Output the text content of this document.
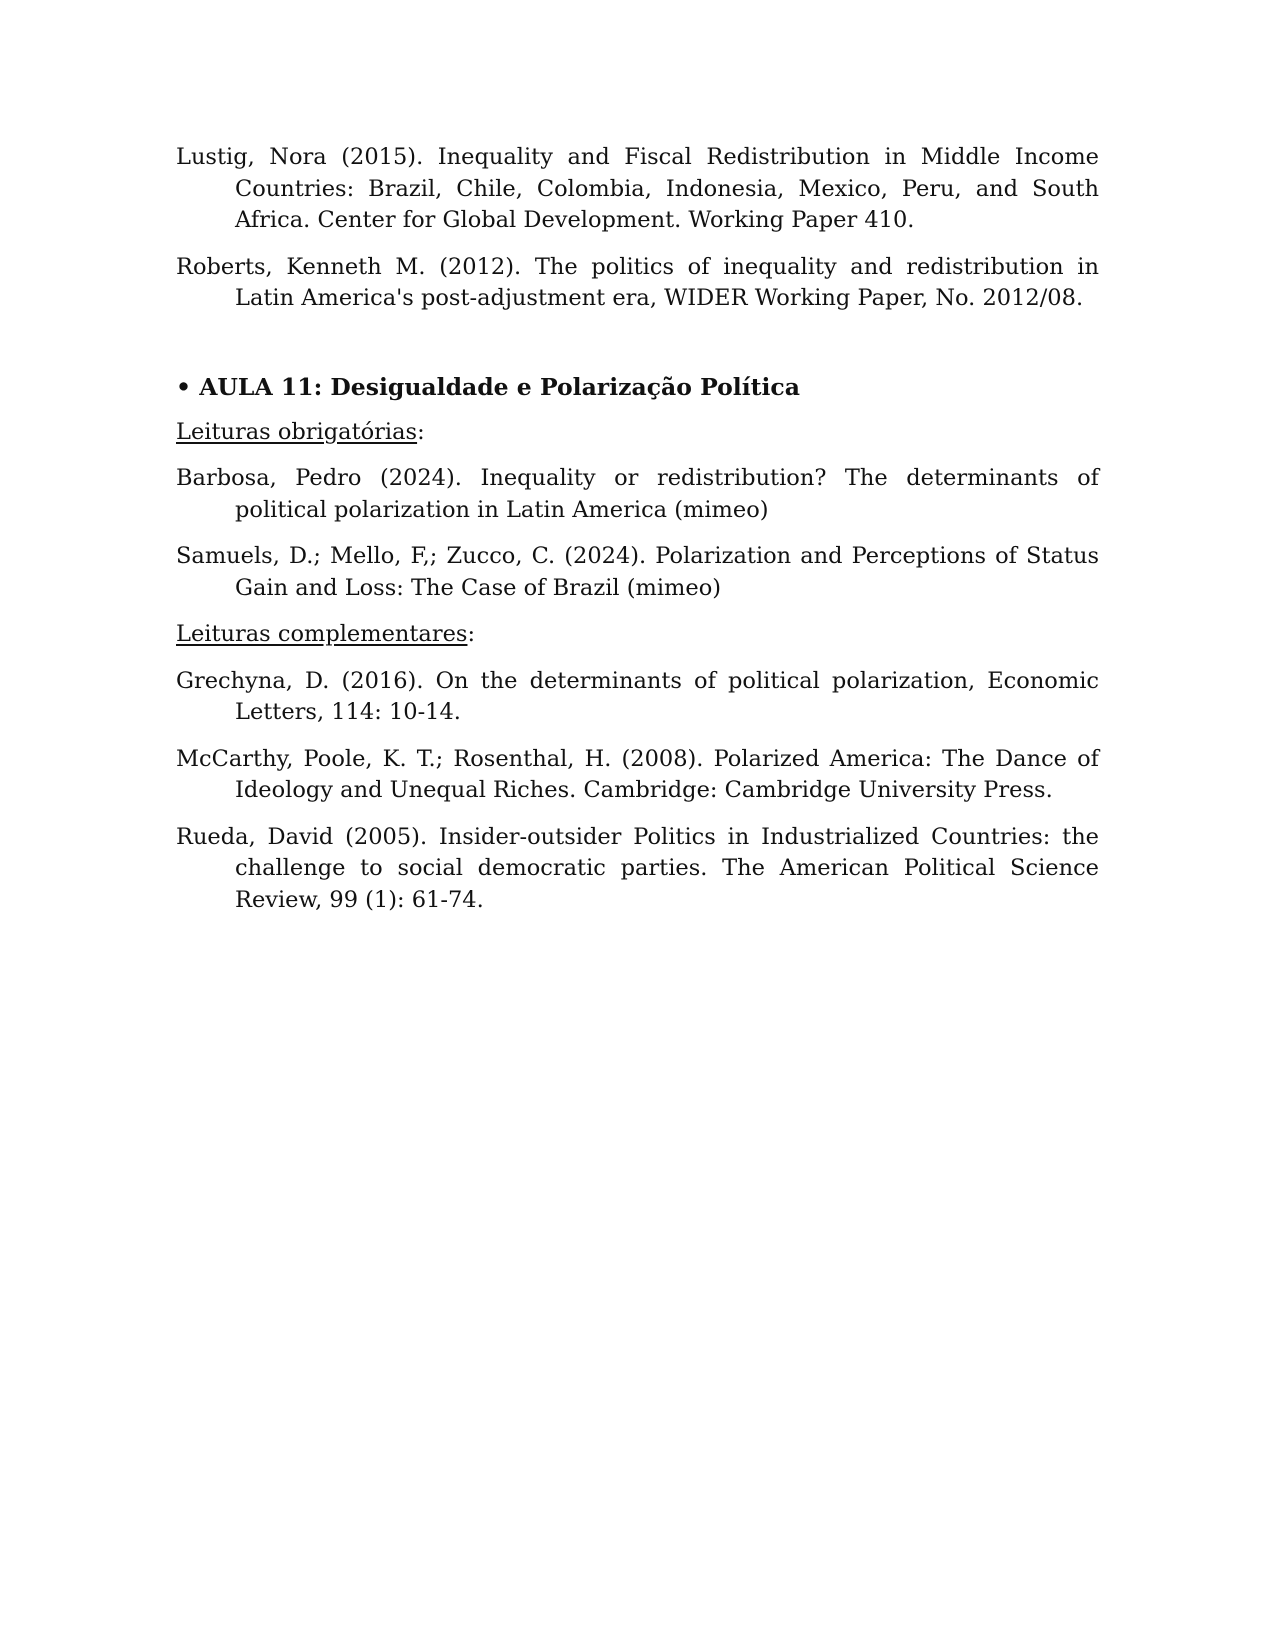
Lustig, Nora (2015). Inequality and Fiscal Redistribution in Middle Income Countries: Brazil, Chile, Colombia, Indonesia, Mexico, Peru, and South Africa. Center for Global Development. Working Paper 410.

Roberts, Kenneth M. (2012). The politics of inequality and redistribution in Latin America's post-adjustment era, WIDER Working Paper, No. 2012/08.

• AULA 11: Desigualdade e Polarização Política

Leituras obrigatórias:

Barbosa, Pedro (2024). Inequality or redistribution? The determinants of political polarization in Latin America (mimeo)

Samuels, D.; Mello, F,; Zucco, C. (2024). Polarization and Perceptions of Status Gain and Loss: The Case of Brazil (mimeo)

Leituras complementares:

Grechyna, D. (2016). On the determinants of political polarization, Economic Letters, 114: 10-14.

McCarthy, Poole, K. T.; Rosenthal, H. (2008). Polarized America: The Dance of Ideology and Unequal Riches. Cambridge: Cambridge University Press.

Rueda, David (2005). Insider-outsider Politics in Industrialized Countries: the challenge to social democratic parties. The American Political Science Review, 99 (1): 61-74.
